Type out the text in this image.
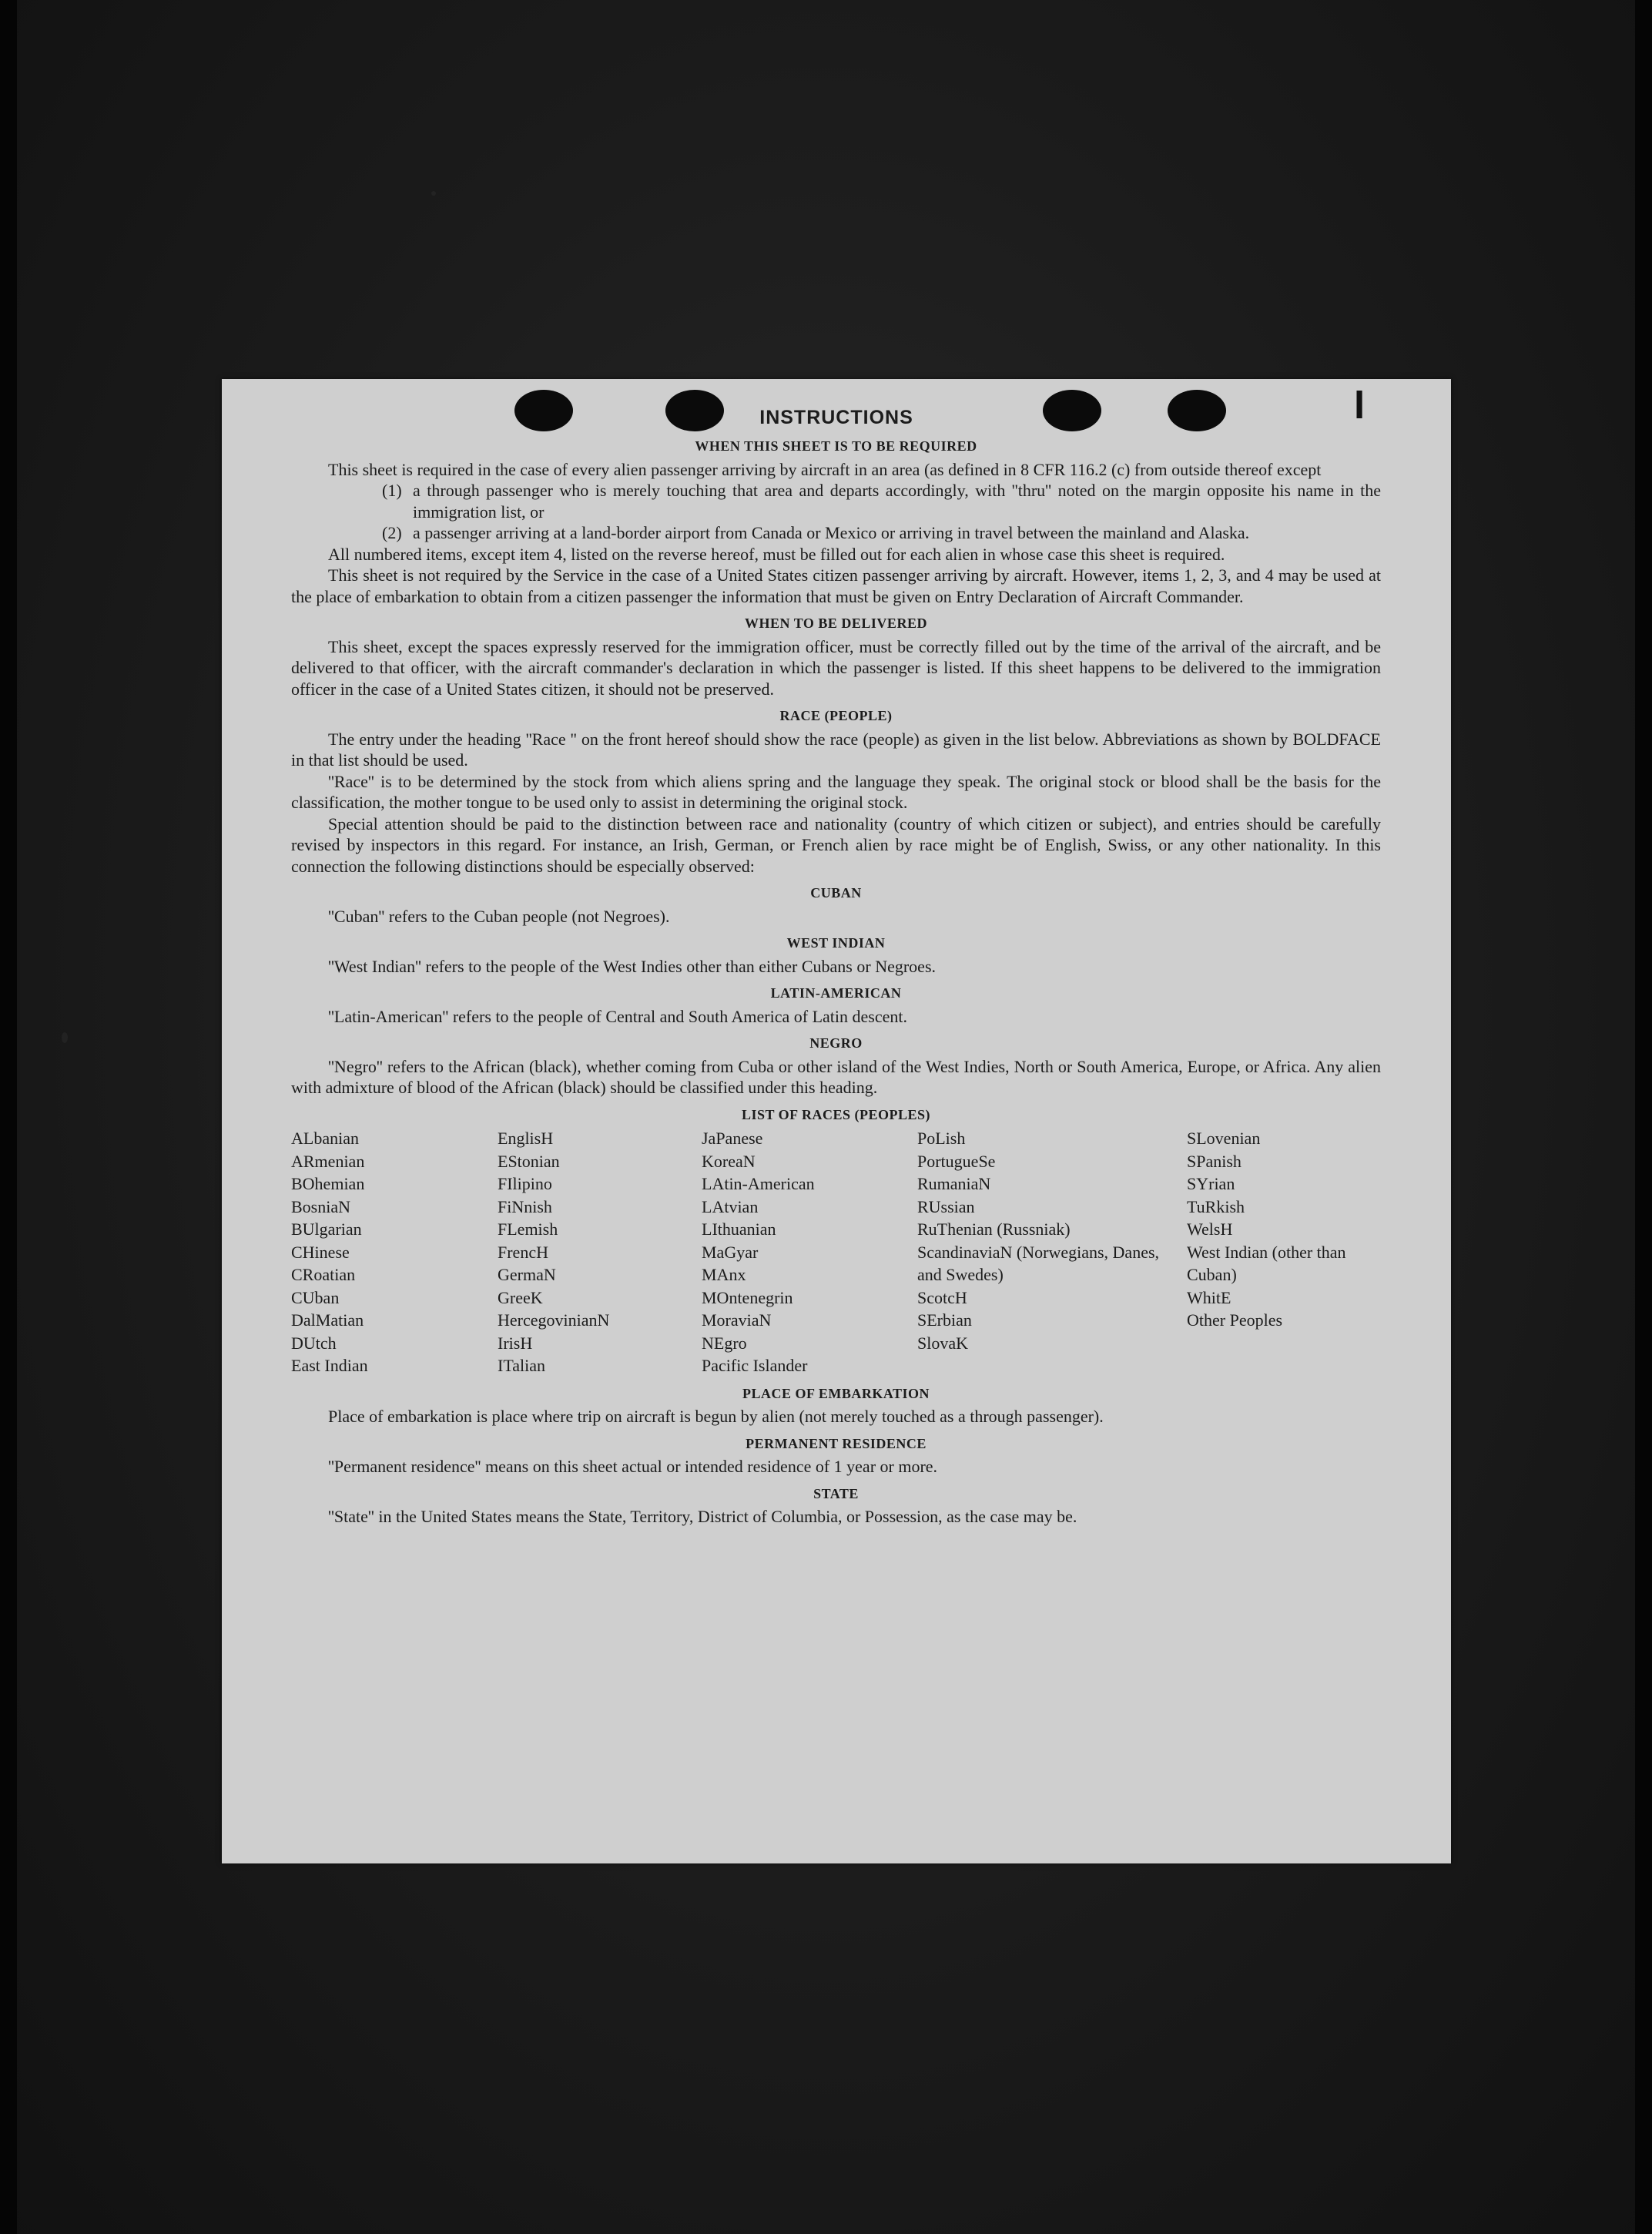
ǀ
INSTRUCTIONS
WHEN THIS SHEET IS TO BE REQUIRED

This sheet is required in the case of every alien passenger arriving by aircraft in an area (as defined in 8 CFR 116.2 (c) from outside thereof except

(1) a through passenger who is merely touching that area and departs accordingly, with ''thru'' noted on the margin opposite his name in the immigration list, or
(2) a passenger arriving at a land-border airport from Canada or Mexico or arriving in travel between the mainland and Alaska.

All numbered items, except item 4, listed on the reverse hereof, must be filled out for each alien in whose case this sheet is required.

This sheet is not required by the Service in the case of a United States citizen passenger arriving by aircraft. However, items 1, 2, 3, and 4 may be used at the place of embarkation to obtain from a citizen passenger the information that must be given on Entry Declaration of Aircraft Commander.

WHEN TO BE DELIVERED

This sheet, except the spaces expressly reserved for the immigration officer, must be correctly filled out by the time of the arrival of the aircraft, and be delivered to that officer, with the aircraft commander's declaration in which the passenger is listed. If this sheet happens to be delivered to the immigration officer in the case of a United States citizen, it should not be preserved.

RACE (PEOPLE)

The entry under the heading ''Race '' on the front hereof should show the race (people) as given in the list below. Abbreviations as shown by BOLDFACE in that list should be used.

''Race'' is to be determined by the stock from which aliens spring and the language they speak. The original stock or blood shall be the basis for the classification, the mother tongue to be used only to assist in determining the original stock.

Special attention should be paid to the distinction between race and nationality (country of which citizen or subject), and entries should be carefully revised by inspectors in this regard. For instance, an Irish, German, or French alien by race might be of English, Swiss, or any other nationality. In this connection the following distinctions should be especially observed:

CUBAN

''Cuban'' refers to the Cuban people (not Negroes).

WEST INDIAN

''West Indian'' refers to the people of the West Indies other than either Cubans or Negroes.

LATIN-AMERICAN

''Latin-American'' refers to the people of Central and South America of Latin descent.

NEGRO

''Negro'' refers to the African (black), whether coming from Cuba or other island of the West Indies, North or South America, Europe, or Africa. Any alien with admixture of blood of the African (black) should be classified under this heading.

LIST OF RACES (PEOPLES)
ALbanian
ARmenian
BOhemian
BosniaN
BUlgarian
CHinese
CRoatian
CUban
DalMatian
DUtch
East Indian
EnglisH
EStonian
FIlipino
FiNnish
FLemish
FrencH
GermaN
GreeK
HercegovinianN
IrisH
ITalian
JaPanese
KoreaN
LAtin-American
LAtvian
LIthuanian
MaGyar
MAnx
MOntenegrin
MoraviaN
NEgro
Pacific Islander
PoLish
PortugueSe
RumaniaN
RUssian
RuThenian (Russniak)
ScandinaviaN (Norwegians, Danes, and Swedes)
ScotcH
SErbian
SlovaK
SLovenian
SPanish
SYrian
TuRkish
WelsH
West Indian (other than Cuban)
WhitE
Other Peoples
PLACE OF EMBARKATION

Place of embarkation is place where trip on aircraft is begun by alien (not merely touched as a through passenger).

PERMANENT RESIDENCE

''Permanent residence'' means on this sheet actual or intended residence of 1 year or more.

STATE

''State'' in the United States means the State, Territory, District of Columbia, or Possession, as the case may be.
